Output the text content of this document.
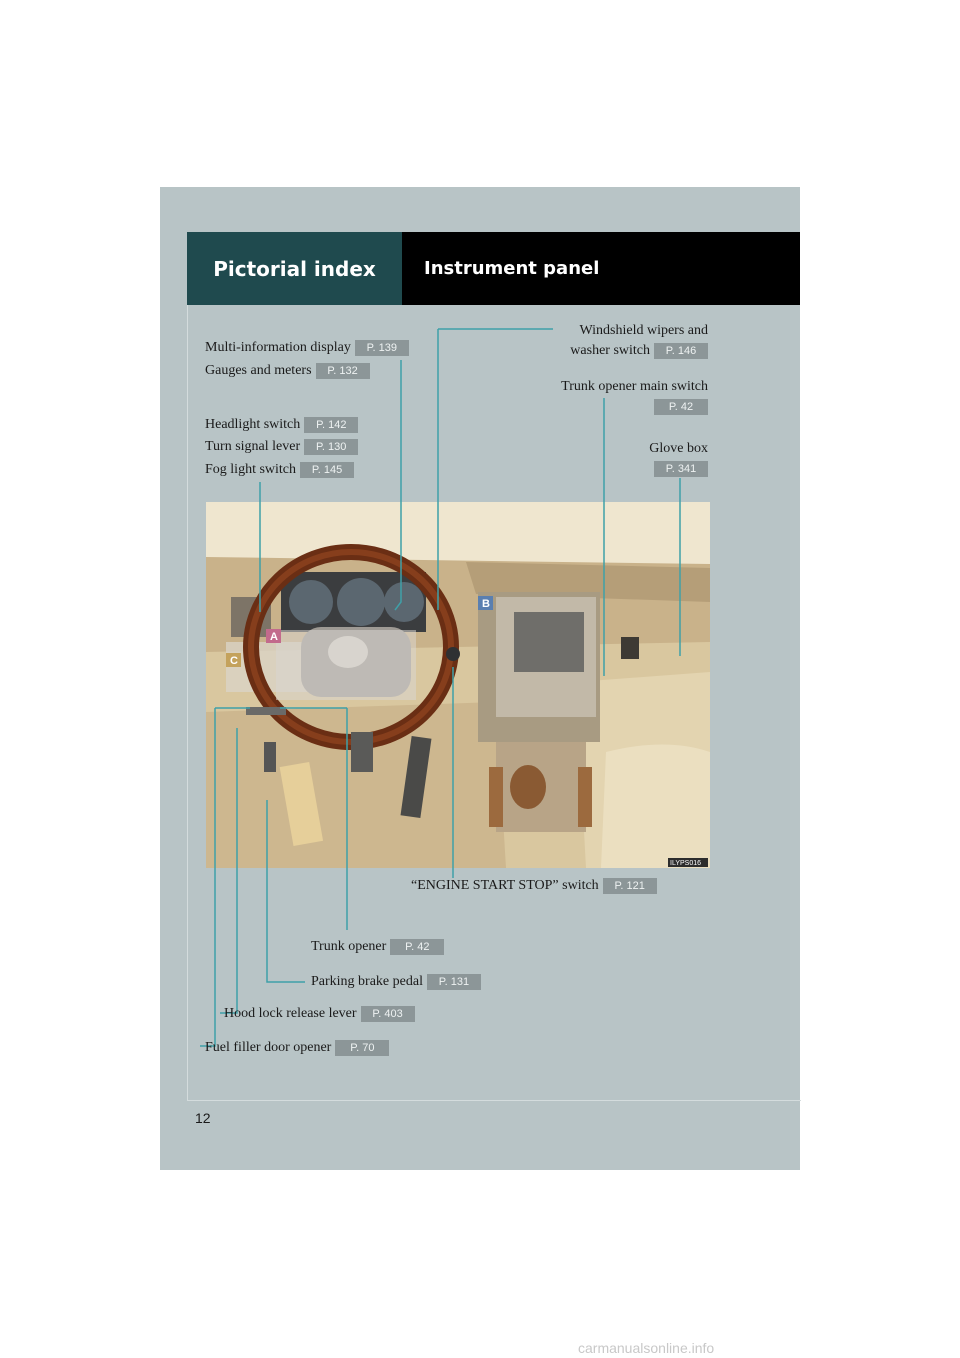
Pictorial index	Instrument panel
A
B
C
ILYPS016
Multi-information display P. 139
Gauges and meters P. 132
Headlight switch P. 142
Turn signal lever P. 130
Fog light switch P. 145
Windshield wipers and
washer switch P. 146
Trunk opener main switch
P. 42
Glove box
P. 341
“ENGINE START STOP” switch P. 121
Trunk opener P. 42
Parking brake pedal P. 131
Hood lock release lever P. 403
Fuel filler door opener P. 70
12
carmanualsonline.info
